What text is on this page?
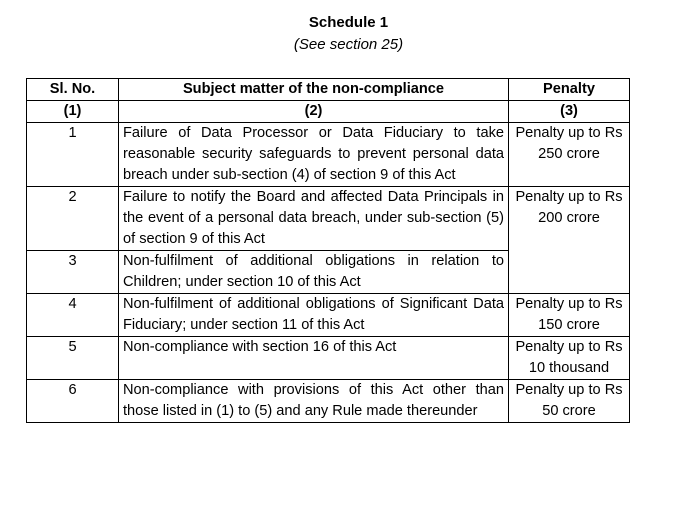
Schedule 1
(See section 25)
Sl. No.	Subject matter of the non-compliance	Penalty
(1)	(2)	(3)
1	Failure of Data Processor or Data Fiduciary to take reasonable security safeguards to prevent personal data breach under sub-section (4) of section 9 of this Act	Penalty up to Rs 250 crore
2	Failure to notify the Board and affected Data Principals in the event of a personal data breach, under sub-section (5) of section 9 of this Act	Penalty up to Rs 200 crore
3	Non-fulfilment of additional obligations in relation to Children; under section 10 of this Act	
4	Non-fulfilment of additional obligations of Significant Data Fiduciary; under section 11 of this Act	Penalty up to Rs 150 crore
5	Non-compliance with section 16 of this Act	Penalty up to Rs 10 thousand
6	Non-compliance with provisions of this Act other than those listed in (1) to (5) and any Rule made thereunder	Penalty up to Rs 50 crore
